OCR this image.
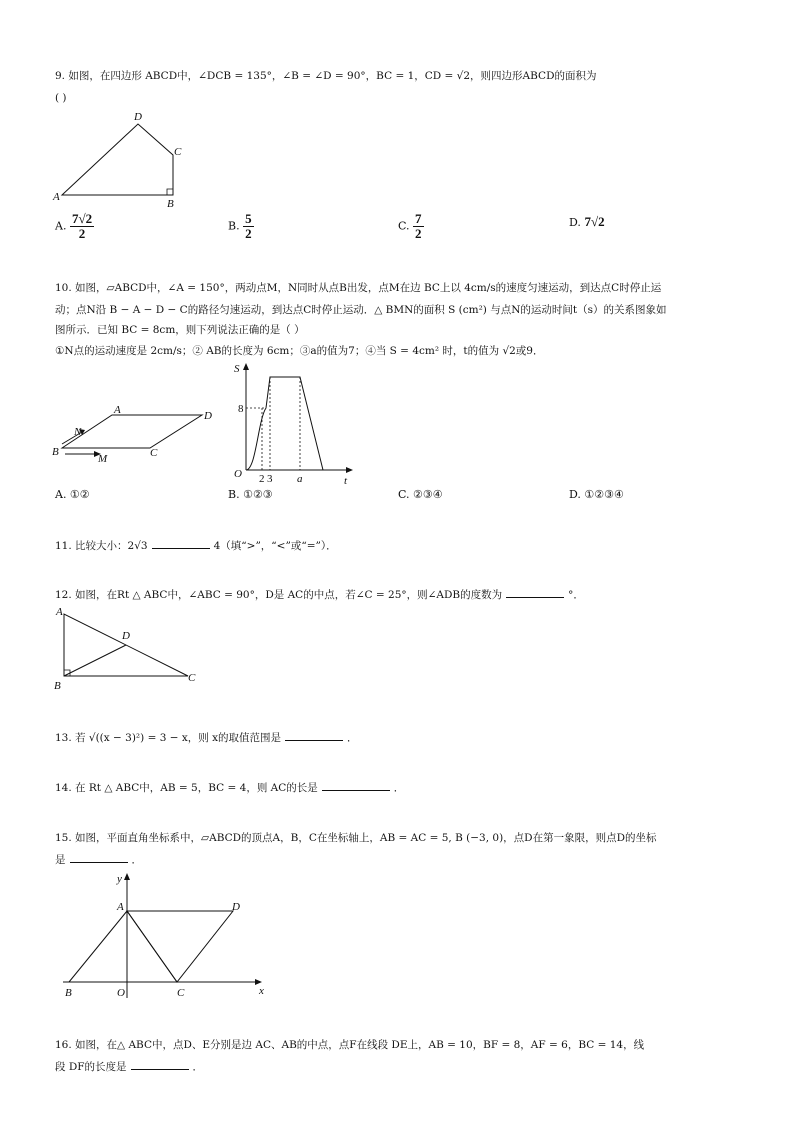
9. 如图，在四边形 ABCD中，∠DCB = 135°，∠B = ∠D = 90°，BC = 1，CD = √2，则四边形ABCD的面积为
( )
A
B
C
D
A. $\frac{7√2}{2}$	B. $\frac{5}{2}$	C. $\frac{7}{2}$	D. 7√2
10. 如图，▱ABCD中，∠A = 150°，两动点M，N同时从点B出发，点M在边 BC上以 4cm/s的速度匀速运动，到达点C时停止运
动；点N沿 B − A − D − C的路径匀速运动，到达点C时停止运动．△ BMN的面积 S (cm²) 与点N的运动时间t（s）的关系图象如
图所示．已知 BC = 8cm，则下列说法正确的是（ ）
①N点的运动速度是 2cm/s；② AB的长度为 6cm；③a的值为7；④当 S = 4cm² 时，t的值为 √2或9．
B
A	D
C
M
N
S
t
O
8
2 3 a
A. ①②	B. ①②③	C. ②③④	D. ①②③④
11. 比较大小：2√3	4（填“>”，“<”或“=”）．
12. 如图，在Rt △ ABC中，∠ABC = 90°，D是 AC的中点，若∠C = 25°，则∠ADB的度数为	°．
A
B
C
D
13. 若 √((x − 3)²) = 3 − x，则 x的取值范围是	．
14. 在 Rt △ ABC中，AB = 5，BC = 4，则 AC的长是	．
15. 如图，平面直角坐标系中，▱ABCD的顶点A，B，C在坐标轴上，AB = AC = 5, B (−3, 0)，点D在第一象限，则点D的坐标
是	．
y
x
A
B	O	C
D
16. 如图，在△ ABC中，点D、E分别是边 AC、AB的中点，点F在线段 DE上，AB = 10，BF = 8，AF = 6，BC = 14，线
段 DF的长度是	．
